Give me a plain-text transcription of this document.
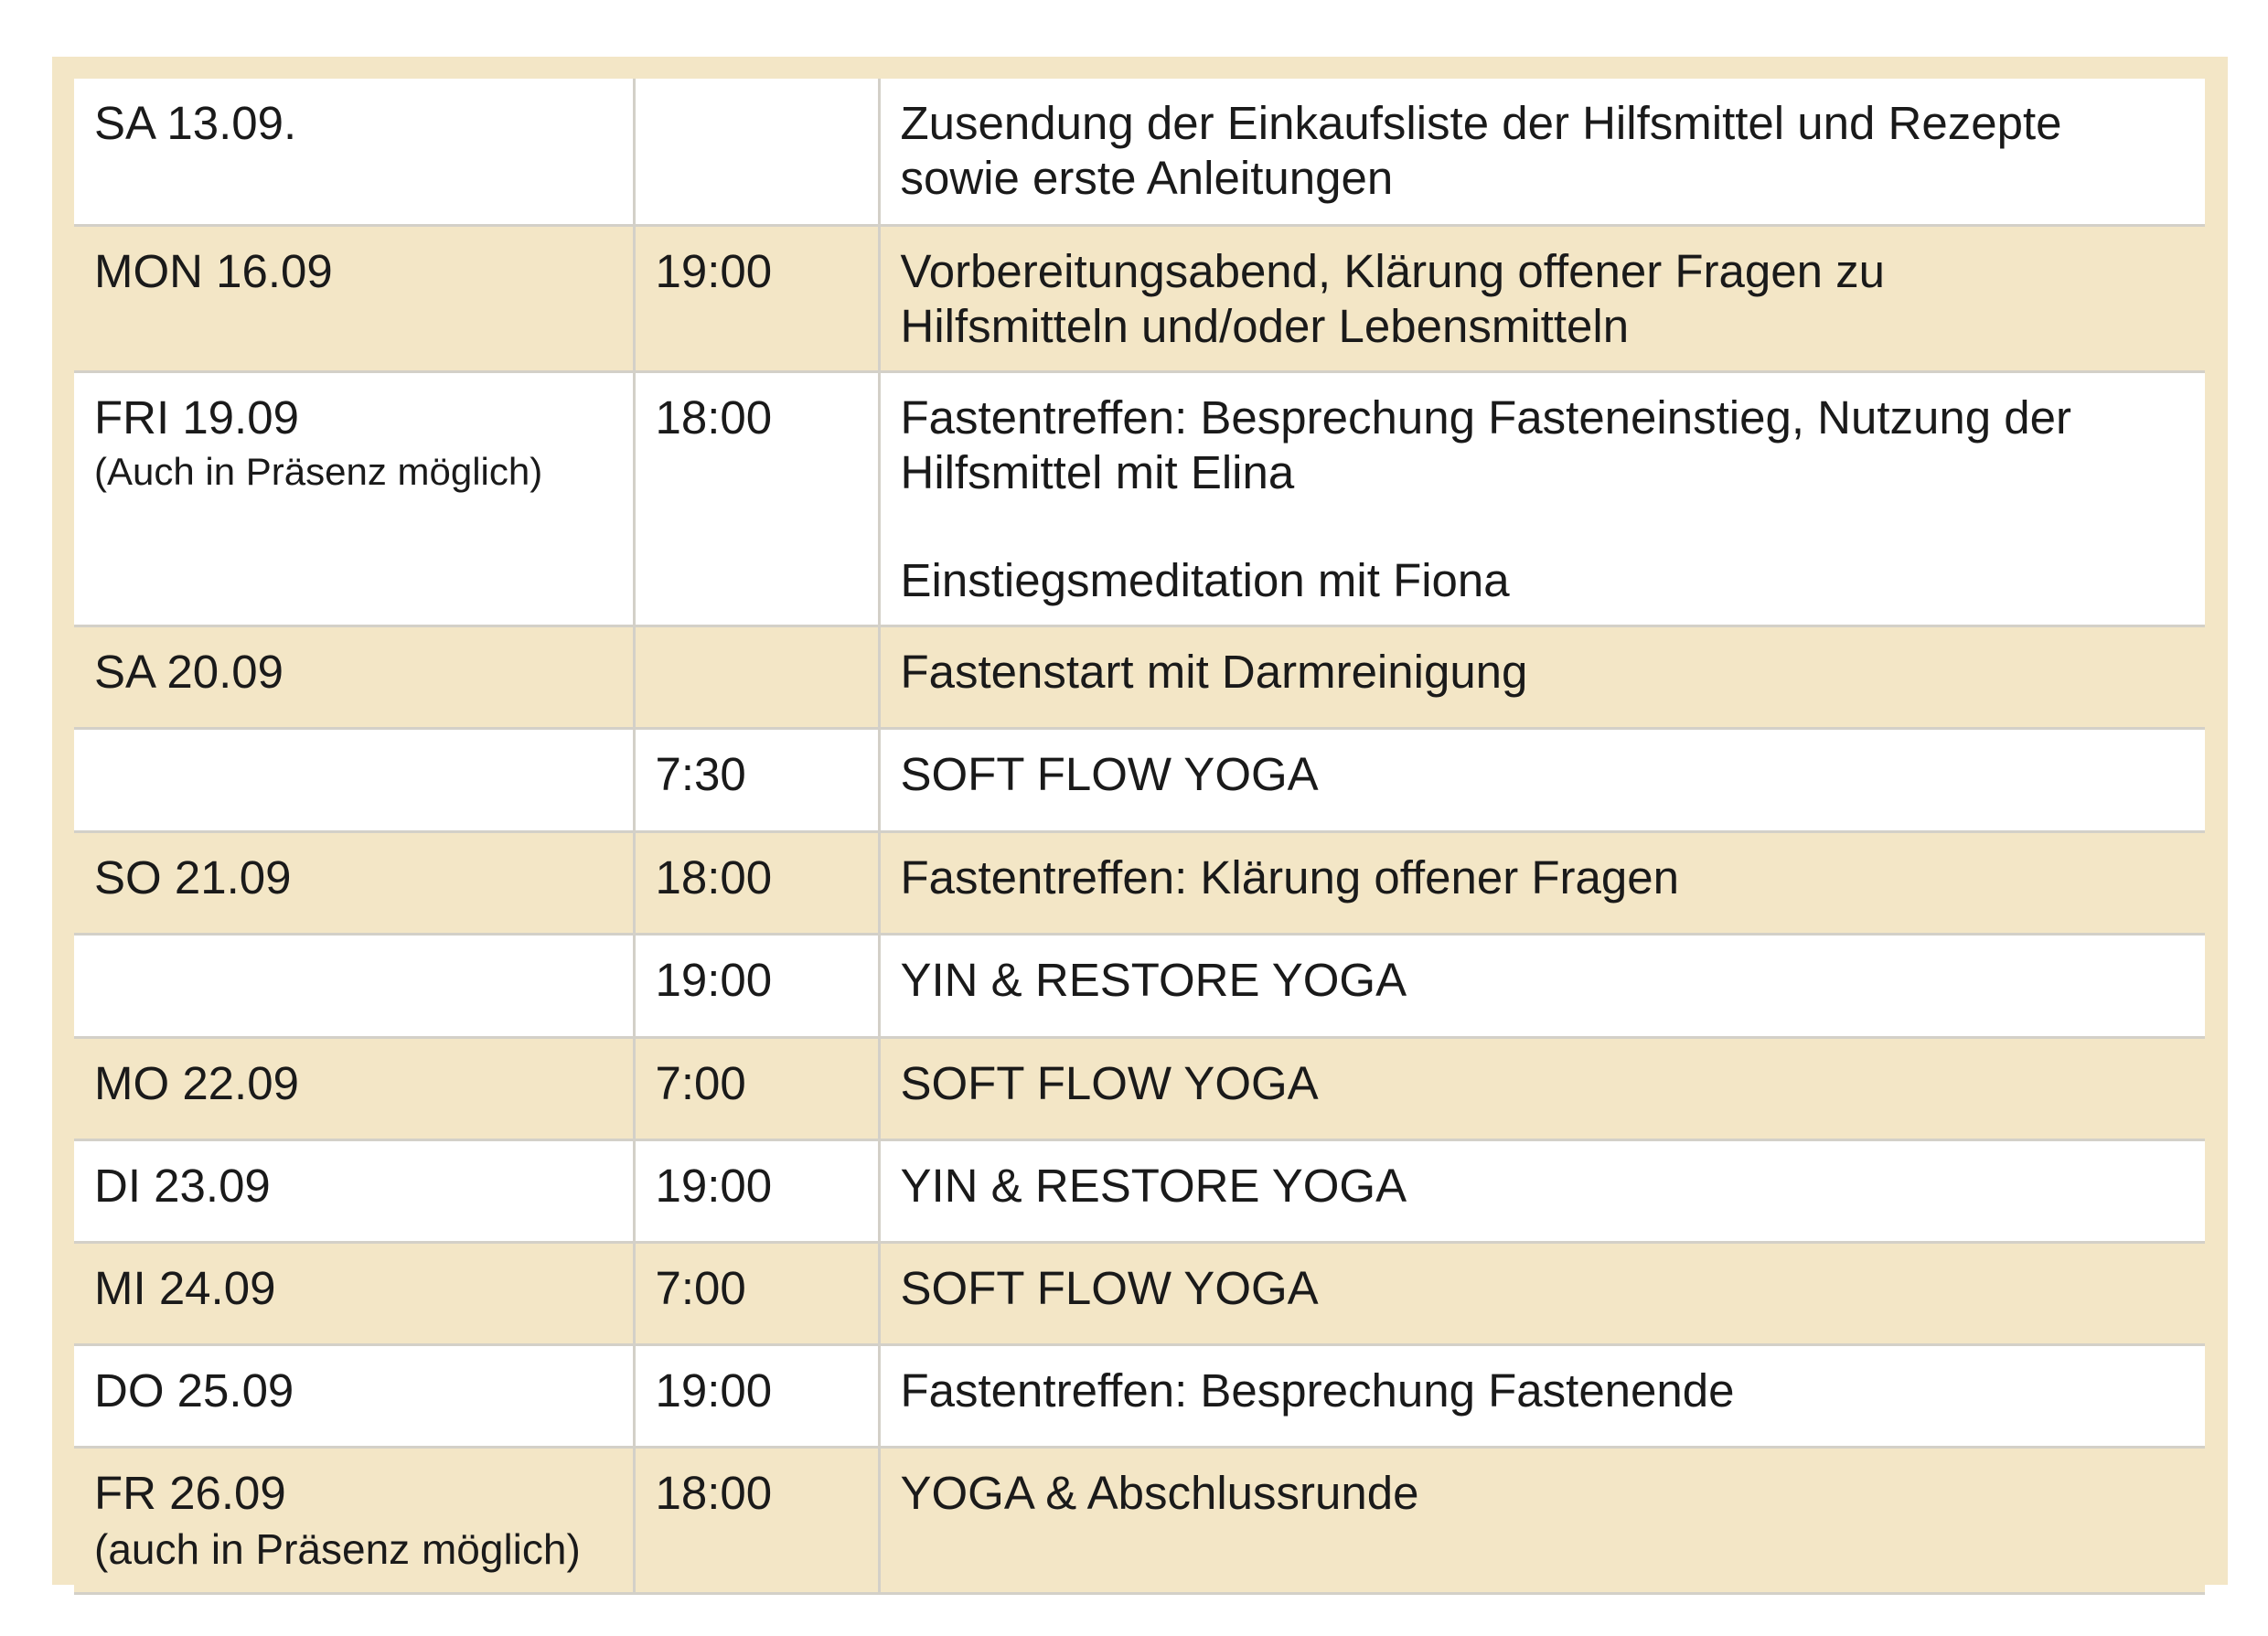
SA 13.09.		Zusendung der Einkaufsliste der Hilfsmittel und Rezepte
sowie erste Anleitungen

MON 16.09	19:00	Vorbereitungsabend, Klärung offener Fragen zu
Hilfsmitteln und/oder Lebensmitteln

FRI 19.09
(Auch in Präsenz möglich)	18:00	Fastentreffen: Besprechung Fasteneinstieg, Nutzung der
Hilfsmittel mit Elina
Einstiegsmeditation mit Fiona

SA 20.09		Fastenstart mit Darmreinigung

	7:30	SOFT FLOW YOGA

SO 21.09	18:00	Fastentreffen: Klärung offener Fragen

	19:00	YIN & RESTORE YOGA

MO 22.09	7:00	SOFT FLOW YOGA

DI 23.09	19:00	YIN & RESTORE YOGA

MI 24.09	7:00	SOFT FLOW YOGA

DO 25.09	19:00	Fastentreffen: Besprechung Fastenende

FR 26.09
(auch in Präsenz möglich)	18:00	YOGA & Abschlussrunde
